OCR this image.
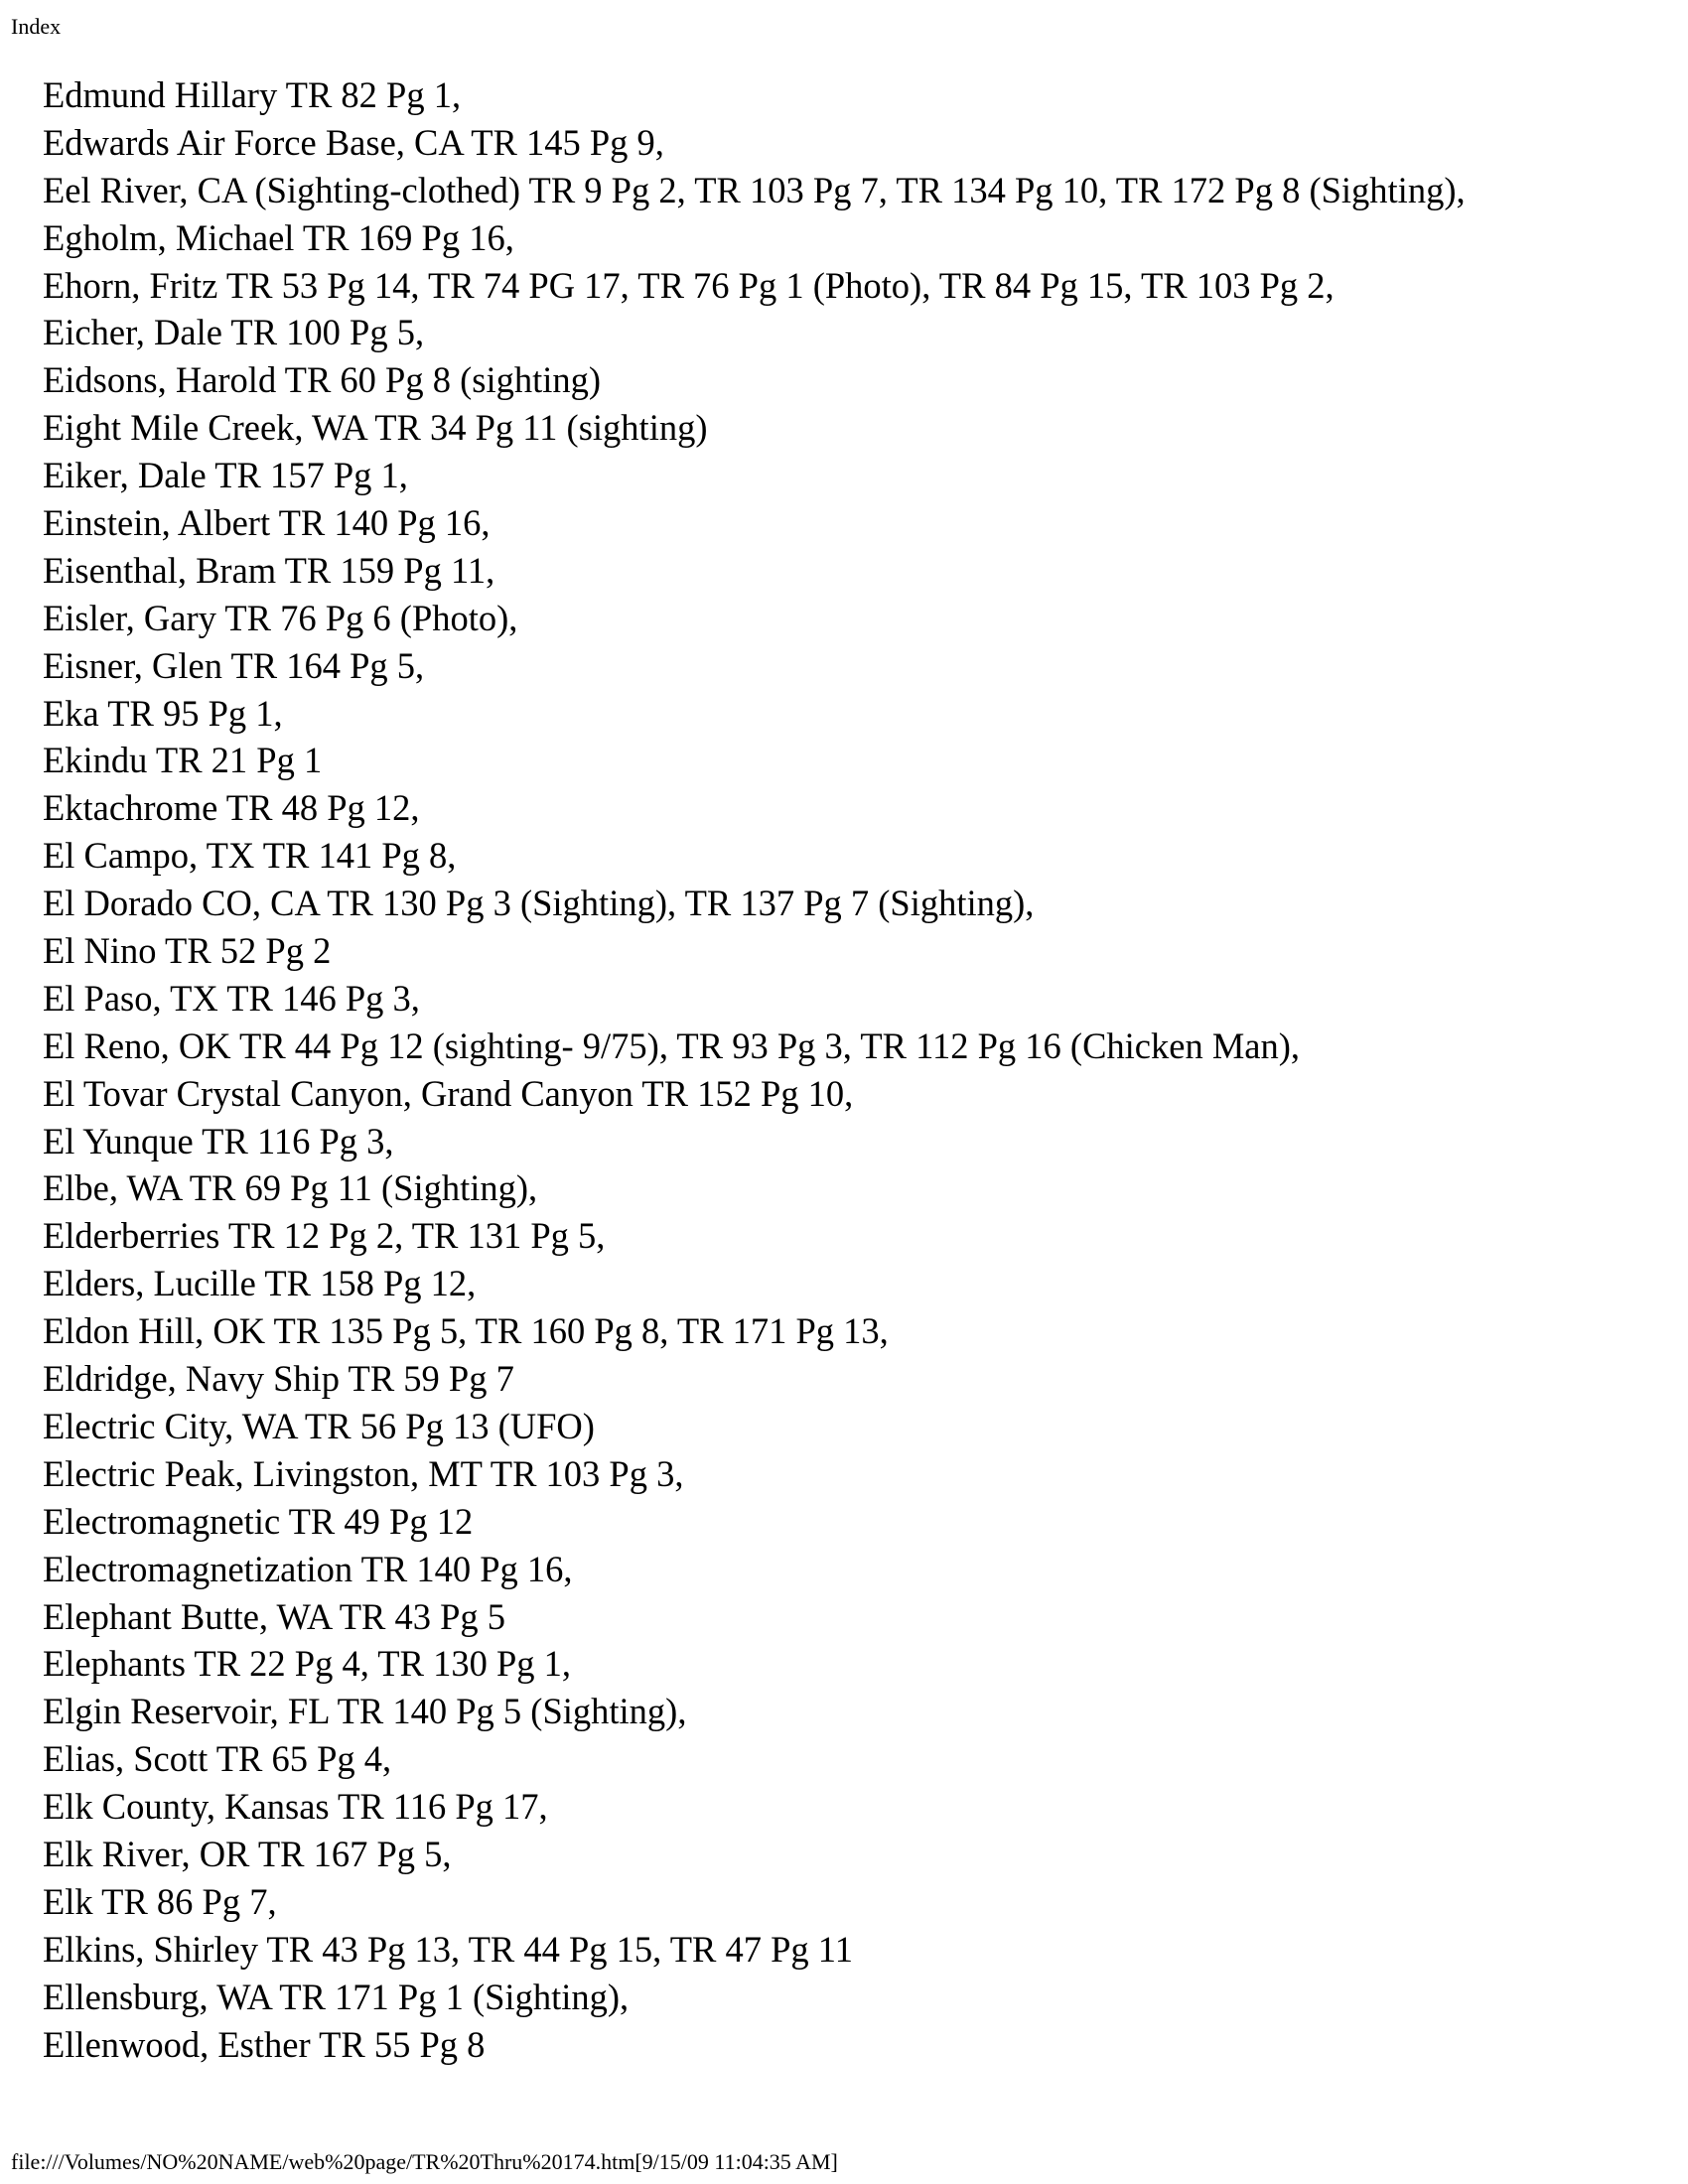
Index
Edmund Hillary TR 82 Pg 1,
Edwards Air Force Base, CA TR 145 Pg 9,
Eel River, CA (Sighting-clothed) TR 9 Pg 2, TR 103 Pg 7, TR 134 Pg 10, TR 172 Pg 8 (Sighting),
Egholm, Michael TR 169 Pg 16,
Ehorn, Fritz TR 53 Pg 14, TR 74 PG 17, TR 76 Pg 1 (Photo), TR 84 Pg 15, TR 103 Pg 2,
Eicher, Dale TR 100 Pg 5,
Eidsons, Harold TR 60 Pg 8 (sighting)
Eight Mile Creek, WA TR 34 Pg 11 (sighting)
Eiker, Dale TR 157 Pg 1,
Einstein, Albert TR 140 Pg 16,
Eisenthal, Bram TR 159 Pg 11,
Eisler, Gary TR 76 Pg 6 (Photo),
Eisner, Glen TR 164 Pg 5,
Eka TR 95 Pg 1,
Ekindu TR 21 Pg 1
Ektachrome TR 48 Pg 12,
El Campo, TX TR 141 Pg 8,
El Dorado CO, CA TR 130 Pg 3 (Sighting), TR 137 Pg 7 (Sighting),
El Nino TR 52 Pg 2
El Paso, TX TR 146 Pg 3,
El Reno, OK TR 44 Pg 12 (sighting- 9/75), TR 93 Pg 3, TR 112 Pg 16 (Chicken Man),
El Tovar Crystal Canyon, Grand Canyon TR 152 Pg 10,
El Yunque TR 116 Pg 3,
Elbe, WA TR 69 Pg 11 (Sighting),
Elderberries TR 12 Pg 2, TR 131 Pg 5,
Elders, Lucille TR 158 Pg 12,
Eldon Hill, OK TR 135 Pg 5, TR 160 Pg 8, TR 171 Pg 13,
Eldridge, Navy Ship TR 59 Pg 7
Electric City, WA TR 56 Pg 13 (UFO)
Electric Peak, Livingston, MT TR 103 Pg 3,
Electromagnetic TR 49 Pg 12
Electromagnetization TR 140 Pg 16,
Elephant Butte, WA TR 43 Pg 5
Elephants TR 22 Pg 4, TR 130 Pg 1,
Elgin Reservoir, FL TR 140 Pg 5 (Sighting),
Elias, Scott TR 65 Pg 4,
Elk County, Kansas TR 116 Pg 17,
Elk River, OR TR 167 Pg 5,
Elk TR 86 Pg 7,
Elkins, Shirley TR 43 Pg 13, TR 44 Pg 15, TR 47 Pg 11
Ellensburg, WA TR 171 Pg 1 (Sighting),
Ellenwood, Esther TR 55 Pg 8
file:///Volumes/NO%20NAME/web%20page/TR%20Thru%20174.htm[9/15/09 11:04:35 AM]
